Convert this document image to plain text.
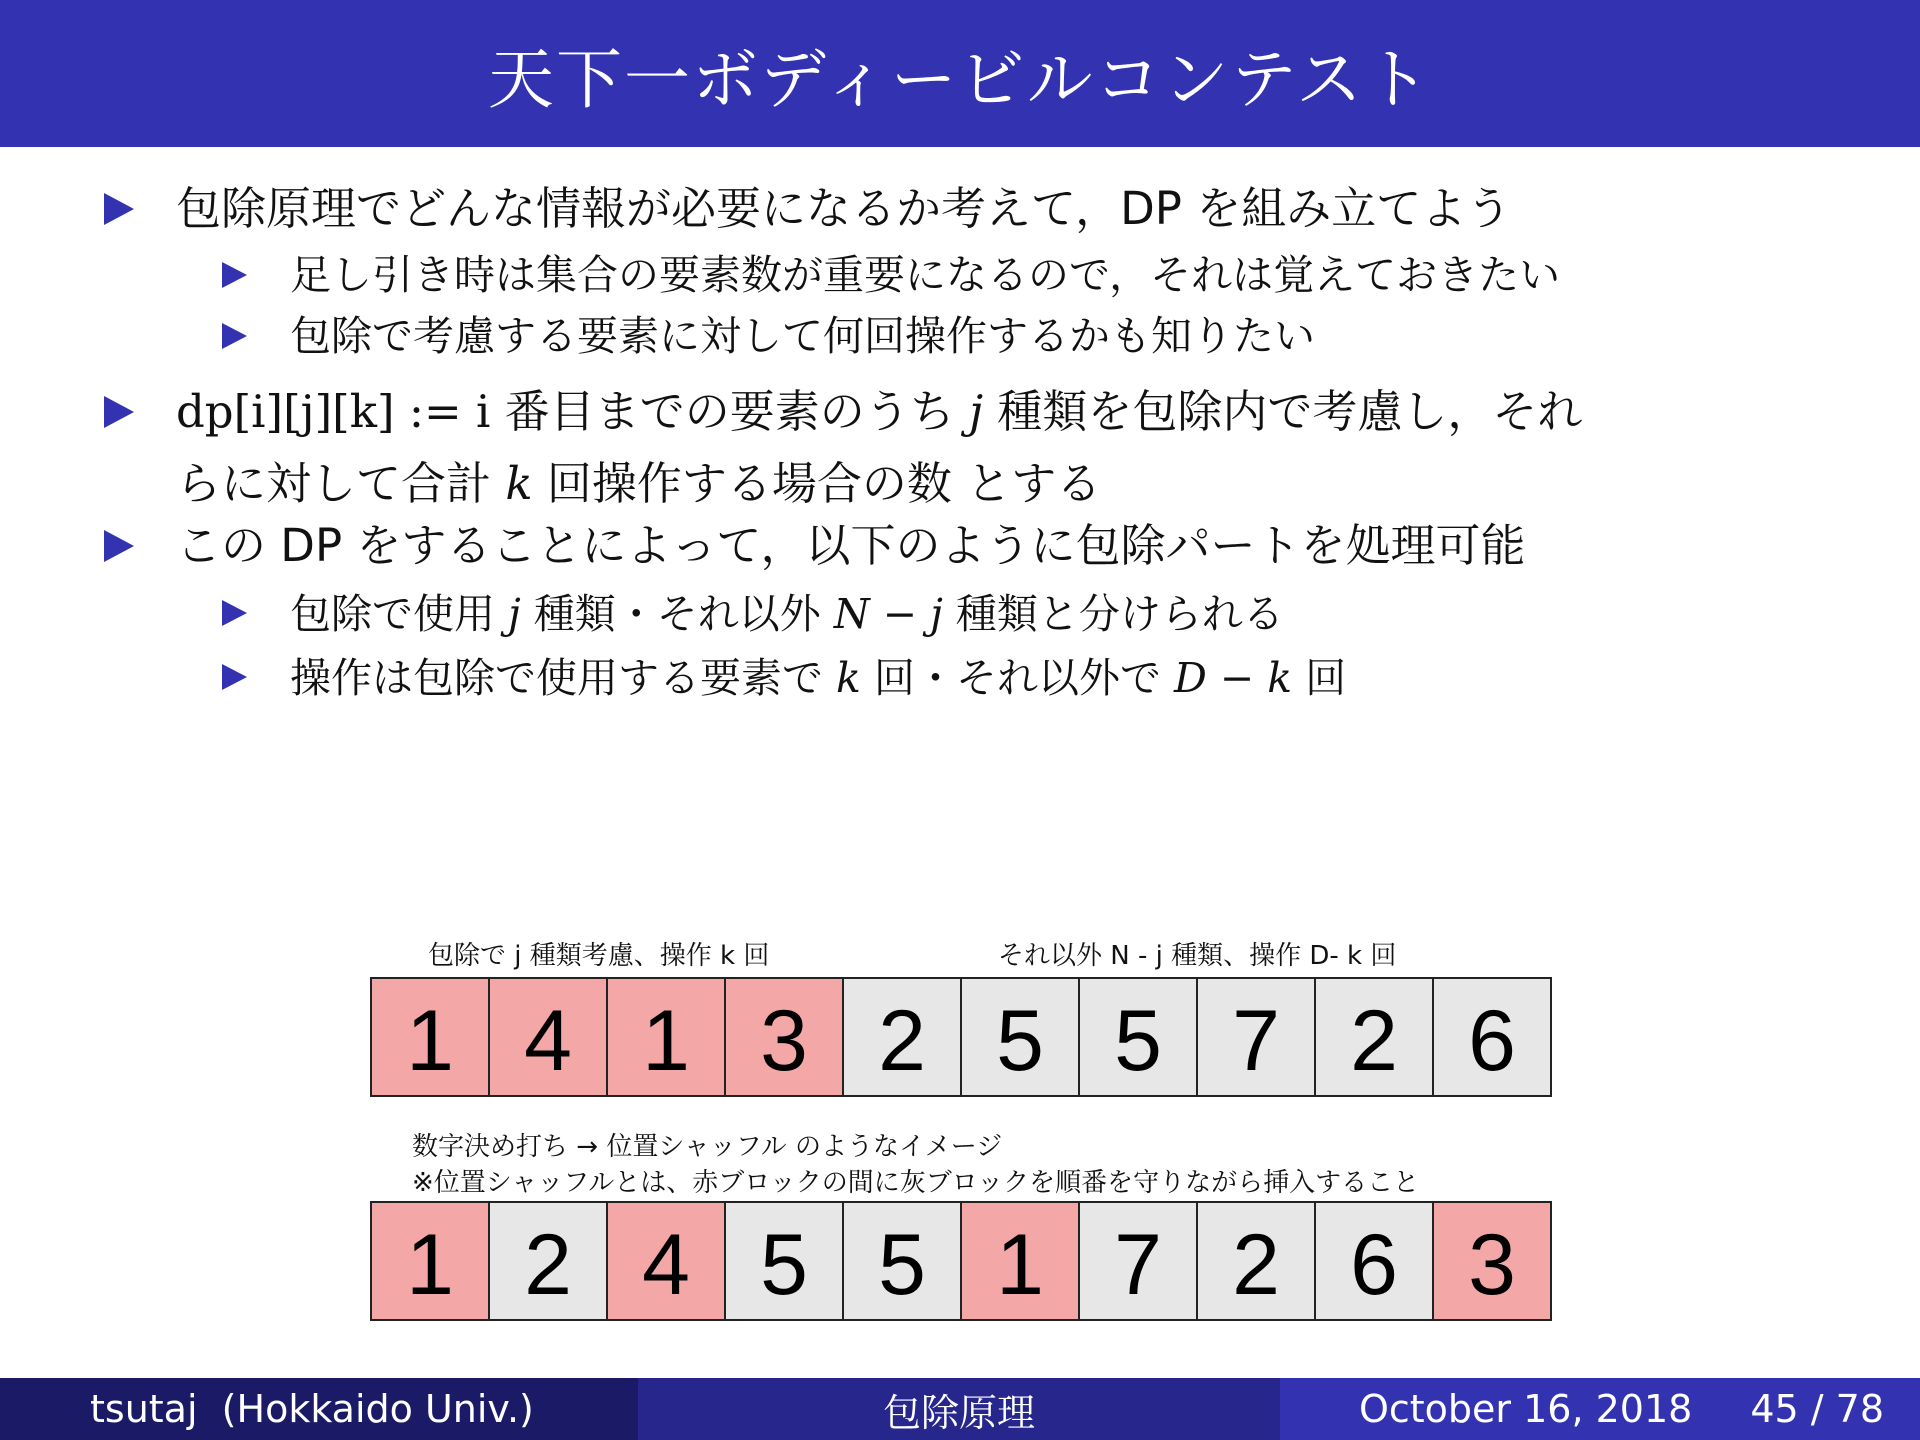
天下一ボディービルコンテスト
包除原理でどんな情報が必要になるか考えて，DP を組み立てよう
足し引き時は集合の要素数が重要になるので，それは覚えておきたい
包除で考慮する要素に対して何回操作するかも知りたい
dp[i][j][k] := i 番目までの要素のうち j 種類を包除内で考慮し，それ
らに対して合計 k 回操作する場合の数 とする
この DP をすることによって，以下のように包除パートを処理可能
包除で使用 j 種類・それ以外 N − j 種類と分けられる
操作は包除で使用する要素で k 回・それ以外で D − k 回
包除で j 種類考慮、操作 k 回	それ以外 N - j 種類、操作 D- k 回
1 4 1 3 2 5 5 7 2 6
数字決め打ち → 位置シャッフル のようなイメージ
※位置シャッフルとは、赤ブロックの間に灰ブロックを順番を守りながら挿入すること
1 2 4 5 5 1 7 2 6 3
tsutaj  (Hokkaido Univ.)	包除原理	October 16, 2018 45 / 78
